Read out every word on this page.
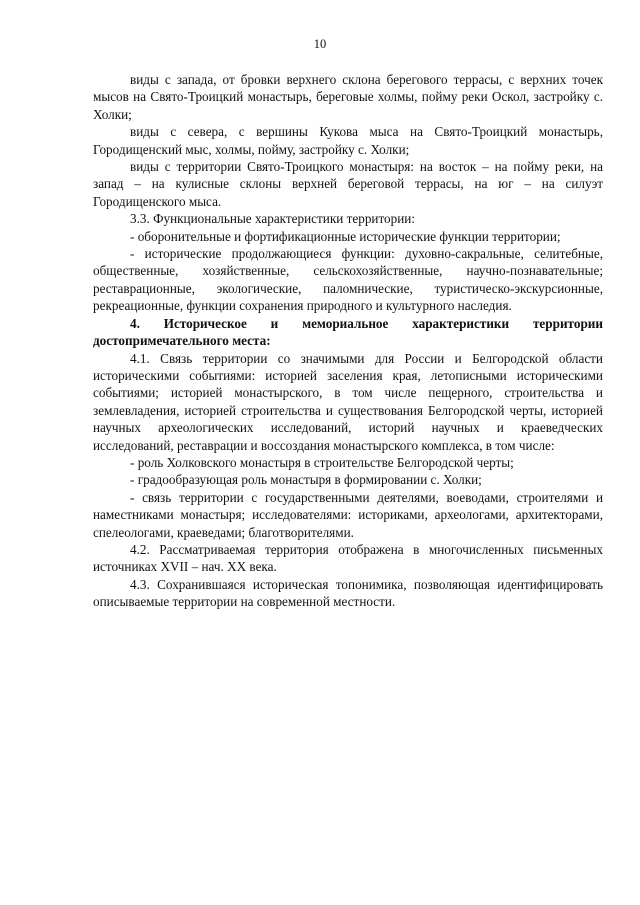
10

виды с запада, от бровки верхнего склона берегового террасы, с верхних точек мысов на Свято-Троицкий монастырь, береговые холмы, пойму реки Оскол, застройку с. Холки;

виды с севера, с вершины Кукова мыса на Свято-Троицкий монастырь, Городищенский мыс, холмы, пойму, застройку с. Холки;

виды с территории Свято-Троицкого монастыря: на восток – на пойму реки, на запад – на кулисные склоны верхней береговой террасы, на юг – на силуэт Городищенского мыса.

3.3. Функциональные характеристики территории:

- оборонительные и фортификационные исторические функции территории;

- исторические продолжающиеся функции: духовно-сакральные, селитебные, общественные, хозяйственные, сельскохозяйственные, научно-познавательные; реставрационные, экологические, паломнические, туристическо-экскурсионные, рекреационные, функции сохранения природного и культурного наследия.

4. Историческое и мемориальное характеристики территории достопримечательного места:

4.1. Связь территории со значимыми для России и Белгородской области историческими событиями: историей заселения края, летописными историческими событиями; историей монастырского, в том числе пещерного, строительства и землевладения, историей строительства и существования Белгородской черты, историей научных археологических исследований, историй научных и краеведческих исследований, реставрации и воссоздания монастырского комплекса, в том числе:

- роль Холковского монастыря в строительстве Белгородской черты;

- градообразующая роль монастыря в формировании с. Холки;

- связь территории с государственными деятелями, воеводами, строителями и наместниками монастыря; исследователями: историками, археологами, архитекторами, спелеологами, краеведами; благотворителями.

4.2. Рассматриваемая территория отображена в многочисленных письменных источниках XVII – нач. XX века.

4.3. Сохранившаяся историческая топонимика, позволяющая идентифицировать описываемые территории на современной местности.
